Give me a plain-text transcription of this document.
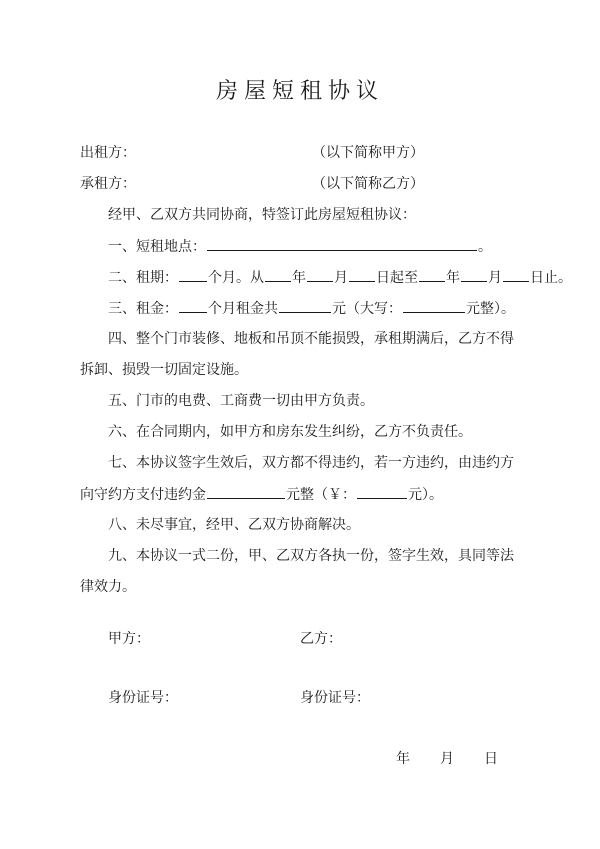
房屋短租协议
出租方：	（以下简称甲方）
承租方：	（以下简称乙方）
经甲、乙双方共同协商，特签订此房屋短租协议：
一、短租地点：	。
二、租期： 个月。从 年 月 日起至 年 月 日止。
三、租金： 个月租金共	元（大写：	元整）。
四、整个门市装修、地板和吊顶不能损毁，承租期满后，乙方不得
拆卸、损毁一切固定设施。
五、门市的电费、工商费一切由甲方负责。
六、在合同期内，如甲方和房东发生纠纷，乙方不负责任。
七、本协议签字生效后，双方都不得违约，若一方违约，由违约方
向守约方支付违约金	元整（￥：	元）。
八、未尽事宜，经甲、乙双方协商解决。
九、本协议一式二份，甲、乙双方各执一份，签字生效，具同等法
律效力。
甲方：	乙方：
身份证号：	身份证号：
年 月 日
